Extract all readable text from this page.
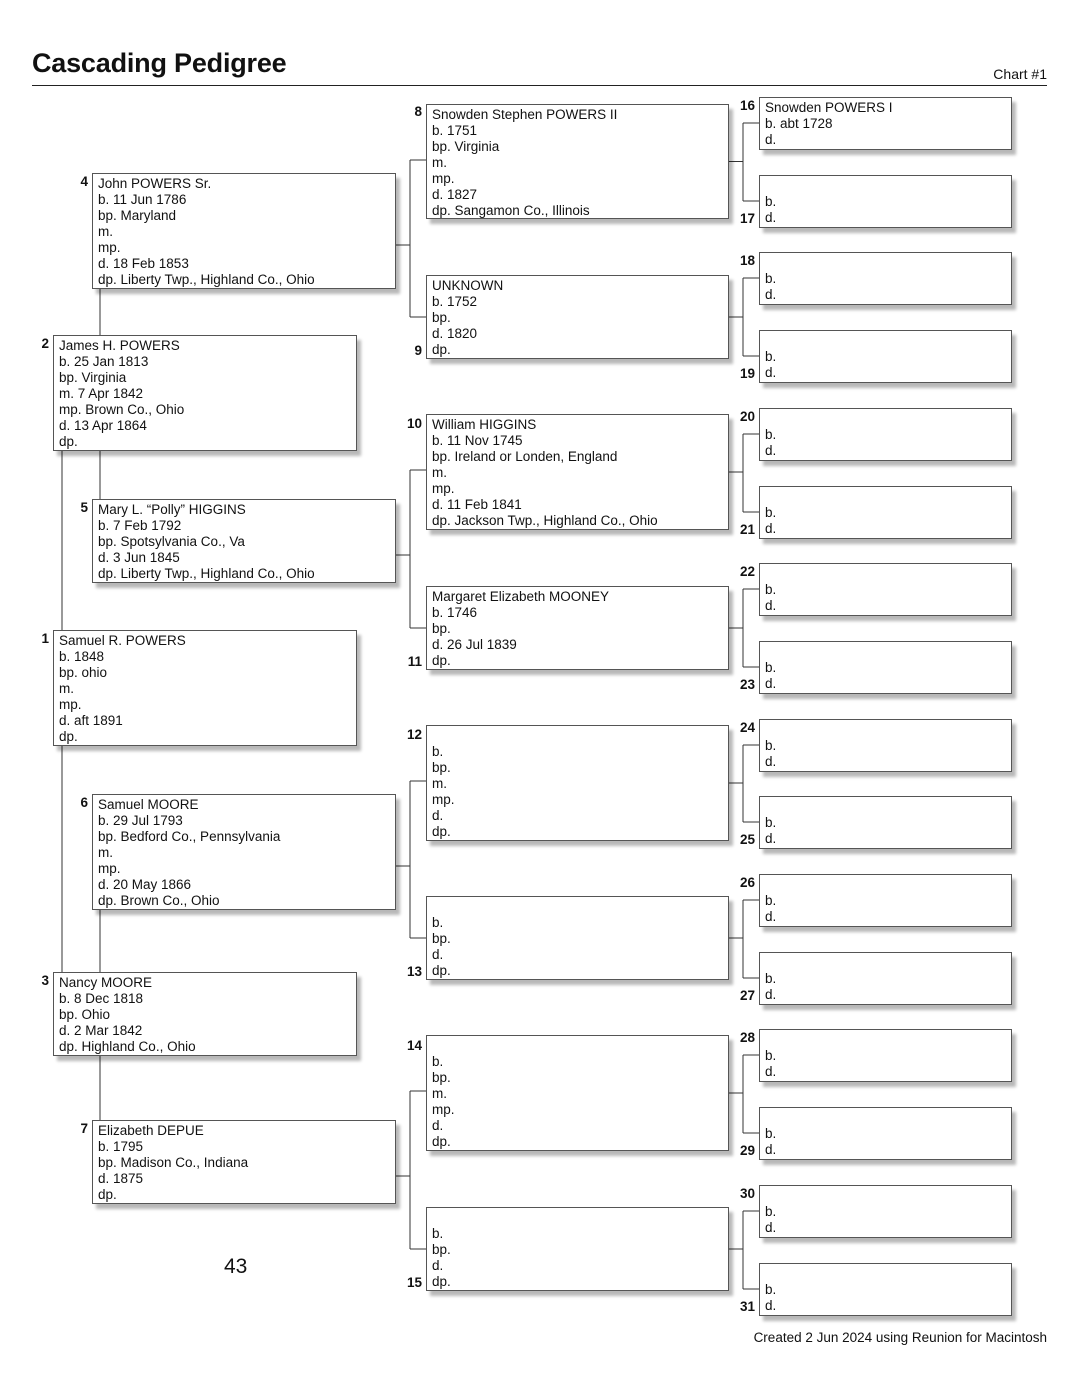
Cascading Pedigree	Chart #1
Samuel R. POWERS
b. 1848
bp. ohio
m.
mp.
d. aft 1891
dp.
1
James H. POWERS
b. 25 Jan 1813
bp. Virginia
m. 7 Apr 1842
mp. Brown Co., Ohio
d. 13 Apr 1864
dp.
2
Nancy MOORE
b. 8 Dec 1818
bp. Ohio
d. 2 Mar 1842
dp. Highland Co., Ohio
3
John POWERS Sr.
b. 11 Jun 1786
bp. Maryland
m.
mp.
d. 18 Feb 1853
dp. Liberty Twp., Highland Co., Ohio
4
Mary L. “Polly” HIGGINS
b. 7 Feb 1792
bp. Spotsylvania Co., Va
d. 3 Jun 1845
dp. Liberty Twp., Highland Co., Ohio
5
Samuel MOORE
b. 29 Jul 1793
bp. Bedford Co., Pennsylvania
m.
mp.
d. 20 May 1866
dp. Brown Co., Ohio
6
Elizabeth DEPUE
b. 1795
bp. Madison Co., Indiana
d. 1875
dp.
7
Snowden Stephen POWERS II
b. 1751
bp. Virginia
m.
mp.
d. 1827
dp. Sangamon Co., Illinois
8
UNKNOWN
b. 1752
bp.
d. 1820
dp.
9
William HIGGINS
b. 11 Nov 1745
bp. Ireland or Londen, England
m.
mp.
d. 11 Feb 1841
dp. Jackson Twp., Highland Co., Ohio
10
Margaret Elizabeth MOONEY
b. 1746
bp.
d. 26 Jul 1839
dp.
11
b.
bp.
m.
mp.
d.
dp.
12
b.
bp.
d.
dp.
13
b.
bp.
m.
mp.
d.
dp.
14
b.
bp.
d.
dp.
15
Snowden POWERS I
b. abt 1728
d.
16
b.
d.
17
b.
d.
18
b.
d.
19
b.
d.
20
b.
d.
21
b.
d.
22
b.
d.
23
b.
d.
24
b.
d.
25
b.
d.
26
b.
d.
27
b.
d.
28
b.
d.
29
b.
d.
30
b.
d.
31
43
Created 2 Jun 2024 using Reunion for Macintosh
